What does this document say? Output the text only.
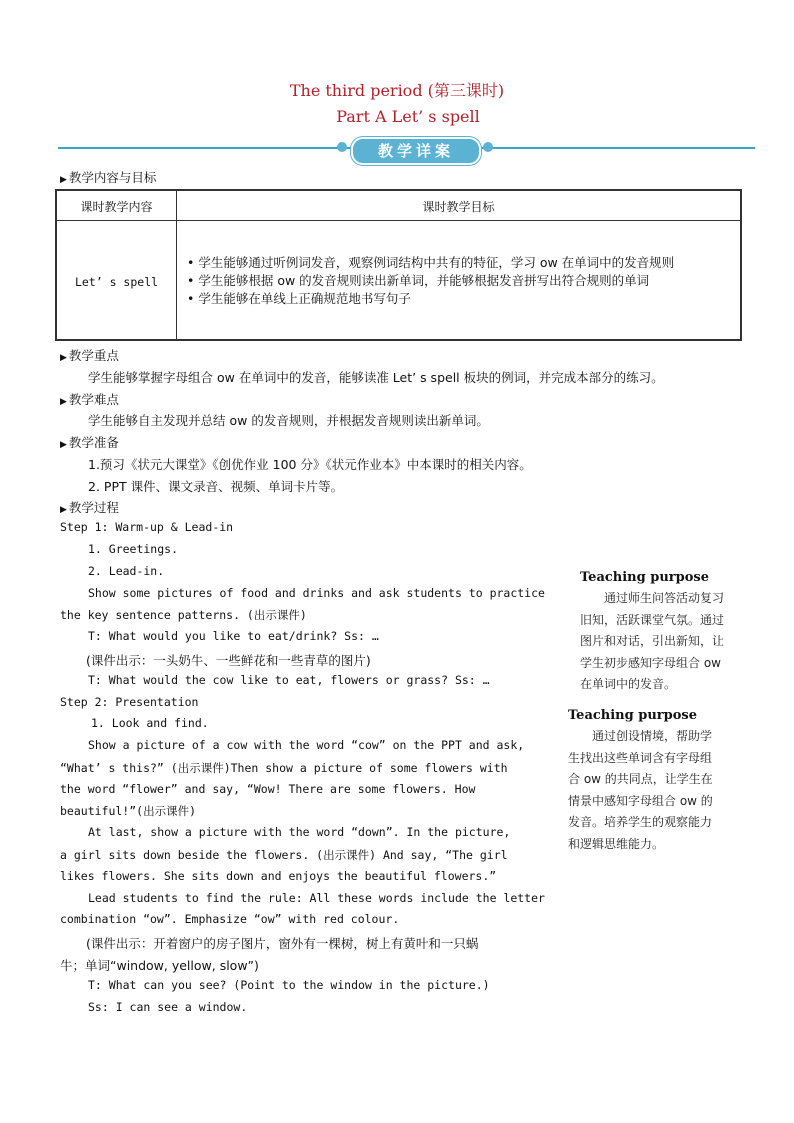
The third period (第三课时)
Part A Let’ s spell
教学详案
▶ 教学内容与目标
课时教学内容	课时教学目标
Let’ s spell
• 学生能够通过听例词发音，观察例词结构中共有的特征，学习 ow 在单词中的发音规则
• 学生能够根据 ow 的发音规则读出新单词，并能够根据发音拼写出符合规则的单词
• 学生能够在单线上正确规范地书写句子
▶ 教学重点
学生能够掌握字母组合 ow 在单词中的发音，能够读准 Let’ s spell 板块的例词，并完成本部分的练习。
▶ 教学难点
学生能够自主发现并总结 ow 的发音规则，并根据发音规则读出新单词。
▶ 教学准备
1.预习《状元大课堂》《创优作业 100 分》《状元作业本》中本课时的相关内容。
2. PPT 课件、课文录音、视频、单词卡片等。
▶ 教学过程
Step 1: Warm-up & Lead-in
1. Greetings.
2. Lead-in.
Show some pictures of food and drinks and ask students to practice
the key sentence patterns. (出示课件)
T: What would you like to eat/drink? Ss: …
(课件出示：一头奶牛、一些鲜花和一些青草的图片)
T: What would the cow like to eat, flowers or grass? Ss: …
Step 2: Presentation
1. Look and find.
Show a picture of a cow with the word “cow” on the PPT and ask,
“What’ s this?” (出示课件)Then show a picture of some flowers with
the word “flower” and say, “Wow! There are some flowers. How
beautiful!”(出示课件)
At last, show a picture with the word “down”. In the picture,
a girl sits down beside the flowers. (出示课件) And say, “The girl
likes flowers. She sits down and enjoys the beautiful flowers.”
Lead students to find the rule: All these words include the letter
combination “ow”. Emphasize “ow” with red colour.
(课件出示：开着窗户的房子图片，窗外有一棵树，树上有黄叶和一只蜗
牛；单词“window, yellow, slow”)
T: What can you see? (Point to the window in the picture.)
Ss: I can see a window.
Teaching purpose
通过师生问答活动复习
旧知，活跃课堂气氛。通过
图片和对话，引出新知，让
学生初步感知字母组合 ow
在单词中的发音。
Teaching purpose
通过创设情境，帮助学
生找出这些单词含有字母组
合 ow 的共同点，让学生在
情景中感知字母组合 ow 的
发音。培养学生的观察能力
和逻辑思维能力。
